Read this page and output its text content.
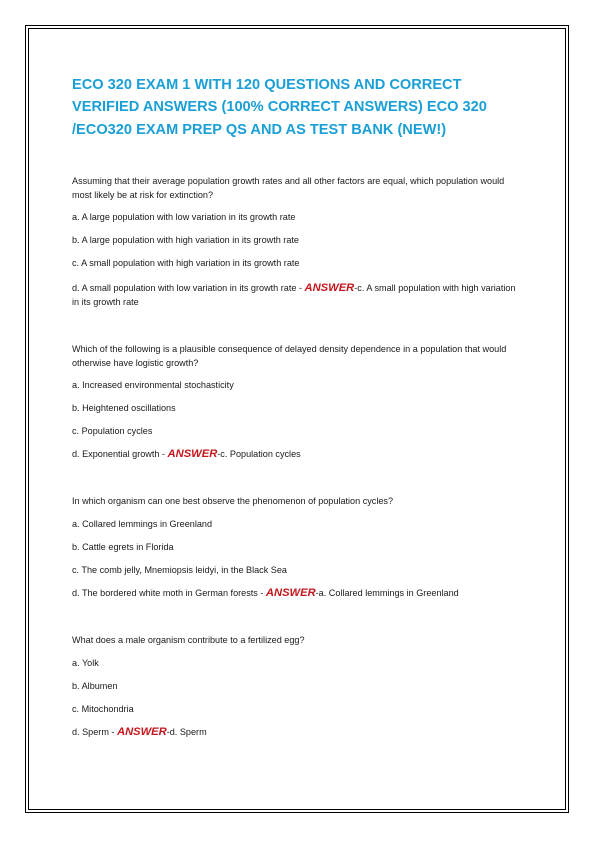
ECO 320 EXAM 1 WITH 120 QUESTIONS AND CORRECT VERIFIED ANSWERS (100% CORRECT ANSWERS) ECO 320 /ECO320 EXAM PREP QS AND AS TEST BANK (NEW!)
Assuming that their average population growth rates and all other factors are equal, which population would most likely be at risk for extinction?
a. A large population with low variation in its growth rate
b. A large population with high variation in its growth rate
c. A small population with high variation in its growth rate
d. A small population with low variation in its growth rate - ANSWER-c. A small population with high variation in its growth rate
Which of the following is a plausible consequence of delayed density dependence in a population that would otherwise have logistic growth?
a. Increased environmental stochasticity
b. Heightened oscillations
c. Population cycles
d. Exponential growth - ANSWER-c. Population cycles
In which organism can one best observe the phenomenon of population cycles?
a. Collared lemmings in Greenland
b. Cattle egrets in Florida
c. The comb jelly, Mnemiopsis leidyi, in the Black Sea
d. The bordered white moth in German forests - ANSWER-a. Collared lemmings in Greenland
What does a male organism contribute to a fertilized egg?
a. Yolk
b. Albumen
c. Mitochondria
d. Sperm - ANSWER-d. Sperm
